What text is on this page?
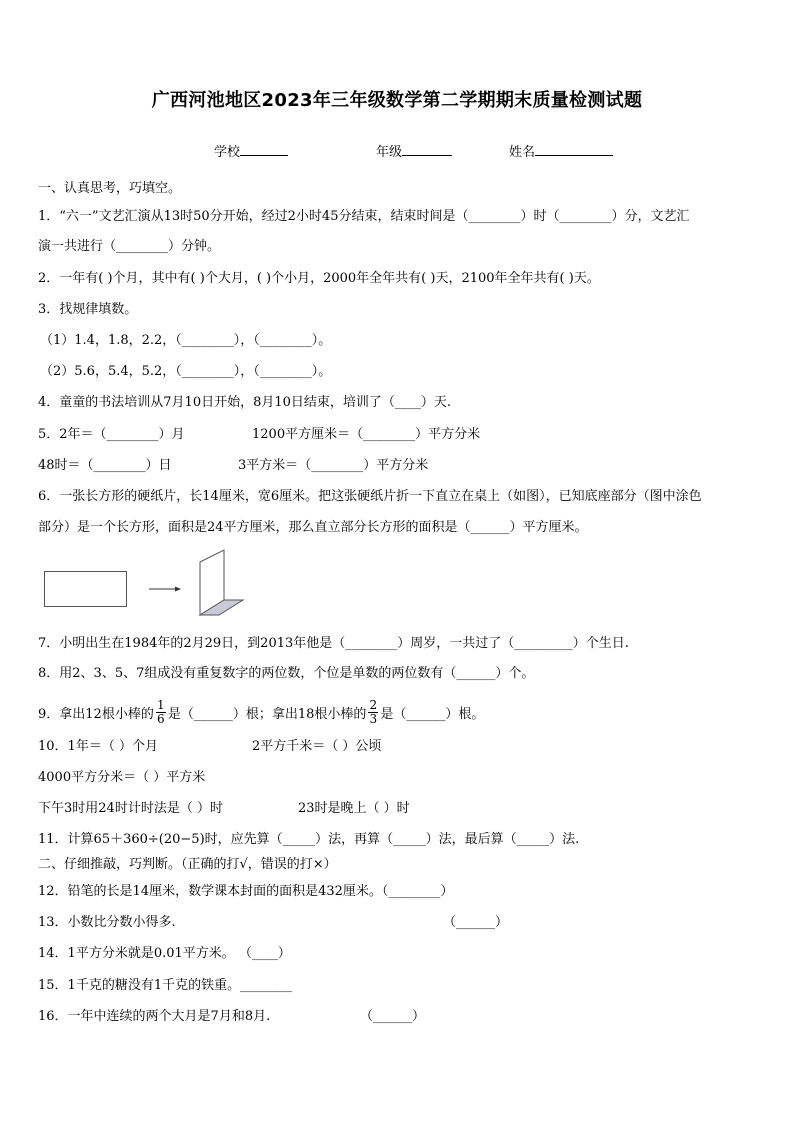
广西河池地区2023年三年级数学第二学期期末质量检测试题
学校	年级	姓名
一、认真思考，巧填空。
1．“六一”文艺汇演从13时50分开始，经过2小时45分结束，结束时间是（________）时（________）分，文艺汇
演一共进行（________）分钟。
2．一年有( )个月，其中有( )个大月，( )个小月，2000年全年共有( )天，2100年全年共有( )天。
3．找规律填数。
（1）1.4，1.8，2.2，（________），（________）。
（2）5.6，5.4，5.2，（________），（________）。
4．童童的书法培训从7月10日开始，8月10日结束，培训了（____）天.
5．2年＝（________）月	1200平方厘米＝（________）平方分米
48时＝（________）日	3平方米＝（________）平方分米
6．一张长方形的硬纸片，长14厘米，宽6厘米。把这张硬纸片折一下直立在桌上（如图），已知底座部分（图中涂色
部分）是一个长方形，面积是24平方厘米，那么直立部分长方形的面积是（______）平方厘米。
7．小明出生在1984年的2月29日，到2013年他是（________）周岁，一共过了（_________）个生日.
8．用2、3、5、7组成没有重复数字的两位数，个位是单数的两位数有（______）个。
9．拿出12根小棒的 $\frac{1}{6}$ 是（______）根；拿出18根小棒的 $\frac{2}{3}$ 是（______）根。
10．1年＝（ ）个月	2平方千米＝（ ）公顷
4000平方分米＝（ ）平方米
下午3时用24时计时法是（ ）时	23时是晚上（ ）时
11．计算65＋360÷(20−5)时，应先算（_____）法，再算（_____）法，最后算（_____）法.
二、仔细推敲，巧判断。（正确的打√，错误的打×）
12．铅笔的长是14厘米，数学课本封面的面积是432厘米。（________）
13．小数比分数小得多.	（______）
14．1平方分米就是0.01平方米。 （____）
15．1千克的糖没有1千克的铁重。________
16．一年中连续的两个大月是7月和8月.	（______）
